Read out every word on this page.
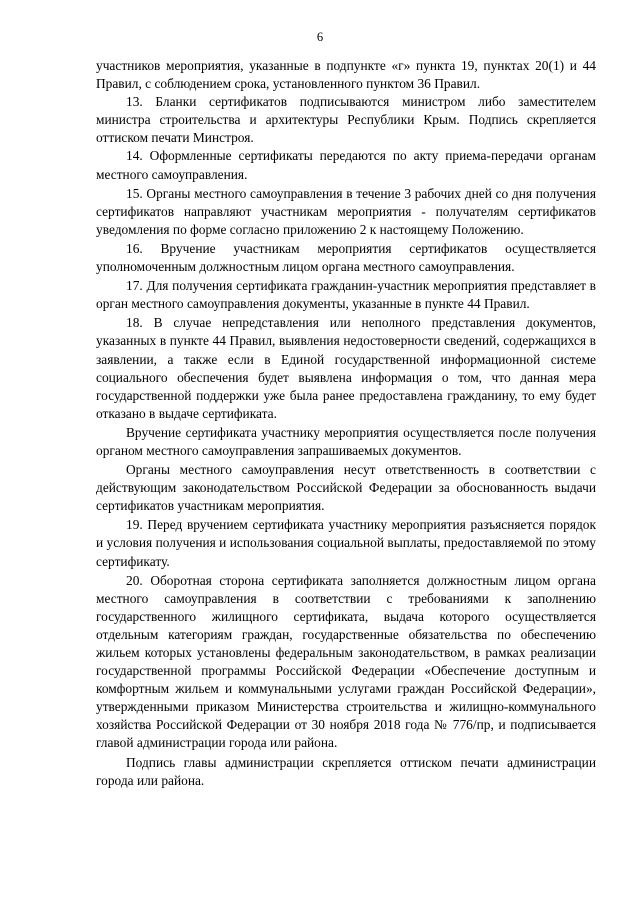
6

участников мероприятия, указанные в подпункте «г» пункта 19, пунктах 20(1) и 44 Правил, с соблюдением срока, установленного пунктом 36 Правил.

13. Бланки сертификатов подписываются министром либо заместителем министра строительства и архитектуры Республики Крым. Подпись скрепляется оттиском печати Минстроя.

14. Оформленные сертификаты передаются по акту приема-передачи органам местного самоуправления.

15. Органы местного самоуправления в течение 3 рабочих дней со дня получения сертификатов направляют участникам мероприятия - получателям сертификатов уведомления по форме согласно приложению 2 к настоящему Положению.

16. Вручение участникам мероприятия сертификатов осуществляется уполномоченным должностным лицом органа местного самоуправления.

17. Для получения сертификата гражданин-участник мероприятия представляет в орган местного самоуправления документы, указанные в пункте 44 Правил.

18. В случае непредставления или неполного представления документов, указанных в пункте 44 Правил, выявления недостоверности сведений, содержащихся в заявлении, а также если в Единой государственной информационной системе социального обеспечения будет выявлена информация о том, что данная мера государственной поддержки уже была ранее предоставлена гражданину, то ему будет отказано в выдаче сертификата.

Вручение сертификата участнику мероприятия осуществляется после получения органом местного самоуправления запрашиваемых документов.

Органы местного самоуправления несут ответственность в соответствии с действующим законодательством Российской Федерации за обоснованность выдачи сертификатов участникам мероприятия.

19. Перед вручением сертификата участнику мероприятия разъясняется порядок и условия получения и использования социальной выплаты, предоставляемой по этому сертификату.

20. Оборотная сторона сертификата заполняется должностным лицом органа местного самоуправления в соответствии с требованиями к заполнению государственного жилищного сертификата, выдача которого осуществляется отдельным категориям граждан, государственные обязательства по обеспечению жильем которых установлены федеральным законодательством, в рамках реализации государственной программы Российской Федерации «Обеспечение доступным и комфортным жильем и коммунальными услугами граждан Российской Федерации», утвержденными приказом Министерства строительства и жилищно-коммунального хозяйства Российской Федерации от 30 ноября 2018 года № 776/пр, и подписывается главой администрации города или района.

Подпись главы администрации скрепляется оттиском печати администрации города или района.
